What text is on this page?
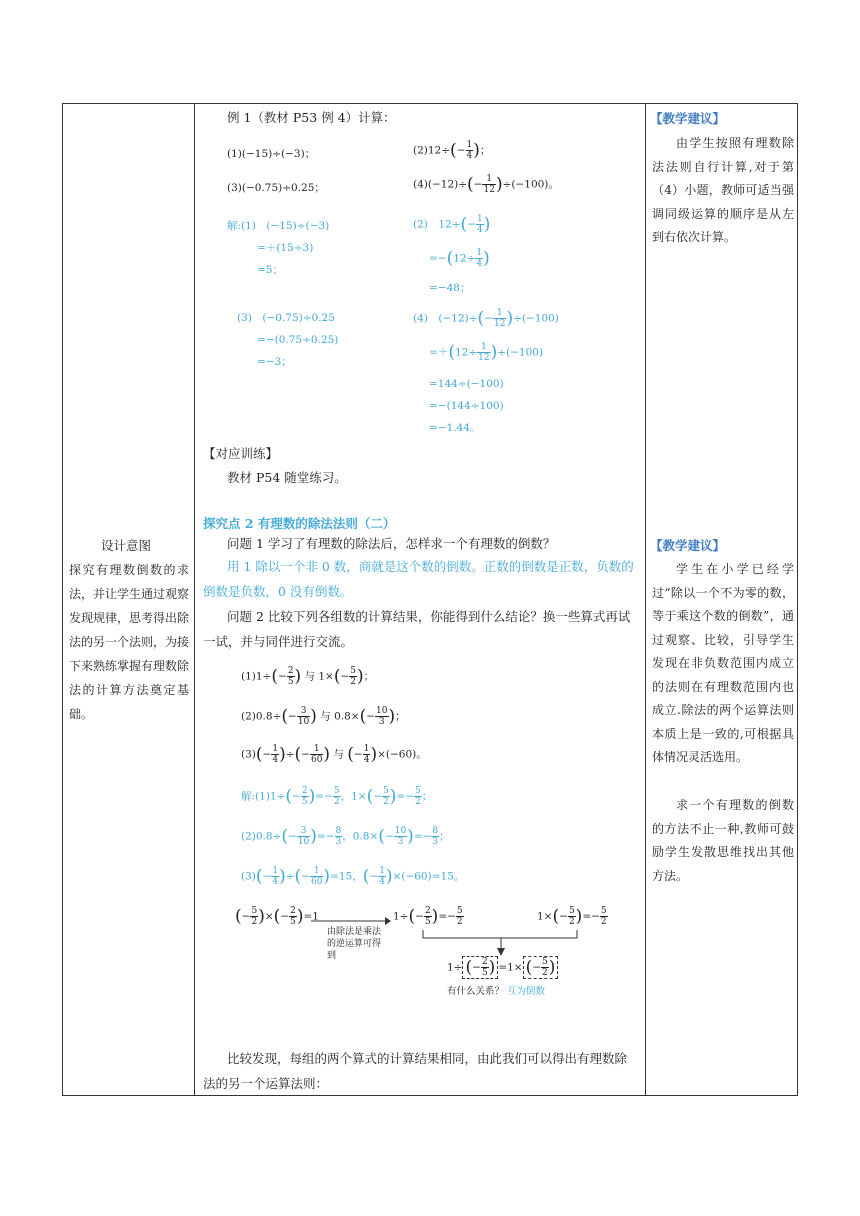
设计意图
探究有理数倒数的求法，并让学生通过观察发现规律，思考得出除法的另一个法则，为接下来熟练掌握有理数除法的计算方法奠定基础。
例 1（教材 P53 例 4）计算：
(1)(−15)÷(−3)；	$(2)12\div(- \frac{1}{4}$ )；
(3)(−0.75)÷0.25；	$(4)(-12)\div(- \frac{1}{12} )\div(-100)$。
解:(1)　(−15)÷(−3)
=＋(15÷3)
=5；
(2)　$12\div(- \frac{1}{4}$ )
$=-(12\div \frac{1}{4}$ )
=−48；
(3)　(−0.75)÷0.25
=−(0.75÷0.25)
=−3；
(4)　$(-12)\div(- \frac{1}{12} )\div(-100)$
$=+(12\div \frac{1}{12} )\div(-100)$
=144÷(−100)
=−(144÷100)
=−1.44。
【对应训练】
教材 P54 随堂练习。
探究点 2 有理数的除法法则（二）
问题 1 学习了有理数的除法后，怎样求一个有理数的倒数？
用 1 除以一个非 0 数，商就是这个数的倒数。正数的倒数是正数，负数的倒数是负数，0 没有倒数。
问题 2 比较下列各组数的计算结果，你能得到什么结论？换一些算式再试一试，并与同伴进行交流。
$(1)1\div(- \frac{2}{5}$ ) 与 $1\times(- \frac{5}{2}$ )；
$(2)0.8\div(- \frac{3}{10}$ ) 与 $0.8\times(- \frac{10}{3}$ )；
$(3)(- \frac{1}{4}$ )÷(− $\frac{1}{60}$ ) 与 (− $\frac{1}{4} )\times(-60)$。
解:(1)1÷(− $\frac{2}{5}$ )=− $\frac{5}{2}$ ，$1\times(- \frac{5}{2}$ )=− $\frac{5}{2}$ ；
$(2)0.8\div(- \frac{3}{10}$ )=− $\frac{8}{3}$ ，$0.8\times(- \frac{10}{3}$ )=− $\frac{8}{3}$ ；
$(3)(- \frac{1}{4}$ )÷(− $\frac{1}{60} )=15$，(− $\frac{1}{4} )\times(-60)=15$。
(− $\frac{5}{2}$ )×(− $\frac{2}{5} )=1$
由除法是乘法的逆运算可得到
$1\div(- \frac{2}{5}$ )=− $\frac{5}{2}$	$1\times(- \frac{5}{2}$ )=− $\frac{5}{2}$
1÷ (− $\frac{2}{5}$ ) =1× (− $\frac{5}{2}$ )
有什么关系？ 互为倒数
比较发现，每组的两个算式的计算结果相同，由此我们可以得出有理数除法的另一个运算法则：
【教学建议】
由学生按照有理数除法法则自行计算,对于第（4）小题，教师可适当强调同级运算的顺序是从左到右依次计算。
【教学建议】
学生在小学已经学过“除以一个不为零的数，等于乘这个数的倒数”，通过观察、比较，引导学生发现在非负数范围内成立的法则在有理数范围内也成立.除法的两个运算法则本质上是一致的,可根据具体情况灵活选用。
求一个有理数的倒数的方法不止一种,教师可鼓励学生发散思维找出其他方法。
